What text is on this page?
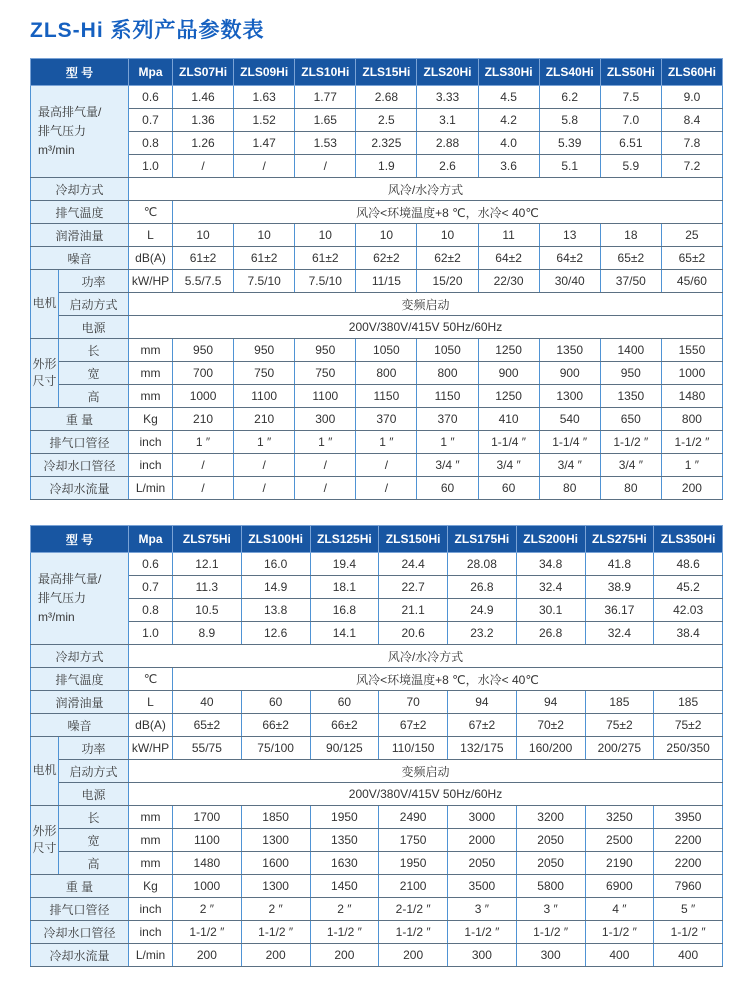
ZLS-Hi 系列产品参数表
型 号		Mpa	ZLS07Hi	ZLS09Hi	ZLS10Hi	ZLS15Hi	ZLS20Hi	ZLS30Hi	ZLS40Hi	ZLS50Hi	ZLS60Hi
最高排气量/
排气压力
m³/min		0.6	1.46	1.63	1.77	2.68	3.33	4.5	6.2	7.5	9.0
		0.7	1.36	1.52	1.65	2.5	3.1	4.2	5.8	7.0	8.4
		0.8	1.26	1.47	1.53	2.325	2.88	4.0	5.39	6.51	7.8
		1.0	/	/	/	1.9	2.6	3.6	5.1	5.9	7.2
冷却方式		风冷/水冷方式									
排气温度		℃	风冷<环境温度+8 ℃，水冷< 40℃								
润滑油量		L	10	10	10	10	10	11	13	18	25
噪音		dB(A)	61±2	61±2	61±2	62±2	62±2	64±2	64±2	65±2	65±2
电机	功率	kW/HP	5.5/7.5	7.5/10	7.5/10	11/15	15/20	22/30	30/40	37/50	45/60
	启动方式	变频启动									
	电源	200V/380V/415V 50Hz/60Hz									
外形尺寸	长	mm	950	950	950	1050	1050	1250	1350	1400	1550
	宽	mm	700	750	750	800	800	900	900	950	1000
	高	mm	1000	1100	1100	1150	1150	1250	1300	1350	1480
重 量		Kg	210	210	300	370	370	410	540	650	800
排气口管径		inch	1 ″	1 ″	1 ″	1 ″	1 ″	1-1/4 ″	1-1/4 ″	1-1/2 ″	1-1/2 ″
冷却水口管径		inch	/	/	/	/	3/4 ″	3/4 ″	3/4 ″	3/4 ″	1 ″
冷却水流量		L/min	/	/	/	/	60	60	80	80	200
型 号		Mpa	ZLS75Hi	ZLS100Hi	ZLS125Hi	ZLS150Hi	ZLS175Hi	ZLS200Hi	ZLS275Hi	ZLS350Hi
最高排气量/
排气压力
m³/min		0.6	12.1	16.0	19.4	24.4	28.08	34.8	41.8	48.6
		0.7	11.3	14.9	18.1	22.7	26.8	32.4	38.9	45.2
		0.8	10.5	13.8	16.8	21.1	24.9	30.1	36.17	42.03
		1.0	8.9	12.6	14.1	20.6	23.2	26.8	32.4	38.4
冷却方式		风冷/水冷方式								
排气温度		℃	风冷<环境温度+8 ℃，水冷< 40℃							
润滑油量		L	40	60	60	70	94	94	185	185
噪音		dB(A)	65±2	66±2	66±2	67±2	67±2	70±2	75±2	75±2
电机	功率	kW/HP	55/75	75/100	90/125	110/150	132/175	160/200	200/275	250/350
	启动方式	变频启动								
	电源	200V/380V/415V 50Hz/60Hz								
外形尺寸	长	mm	1700	1850	1950	2490	3000	3200	3250	3950
	宽	mm	1100	1300	1350	1750	2000	2050	2500	2200
	高	mm	1480	1600	1630	1950	2050	2050	2190	2200
重 量		Kg	1000	1300	1450	2100	3500	5800	6900	7960
排气口管径		inch	2 ″	2 ″	2 ″	2-1/2 ″	3 ″	3 ″	4 ″	5 ″
冷却水口管径		inch	1-1/2 ″	1-1/2 ″	1-1/2 ″	1-1/2 ″	1-1/2 ″	1-1/2 ″	1-1/2 ″	1-1/2 ″
冷却水流量		L/min	200	200	200	200	300	300	400	400
